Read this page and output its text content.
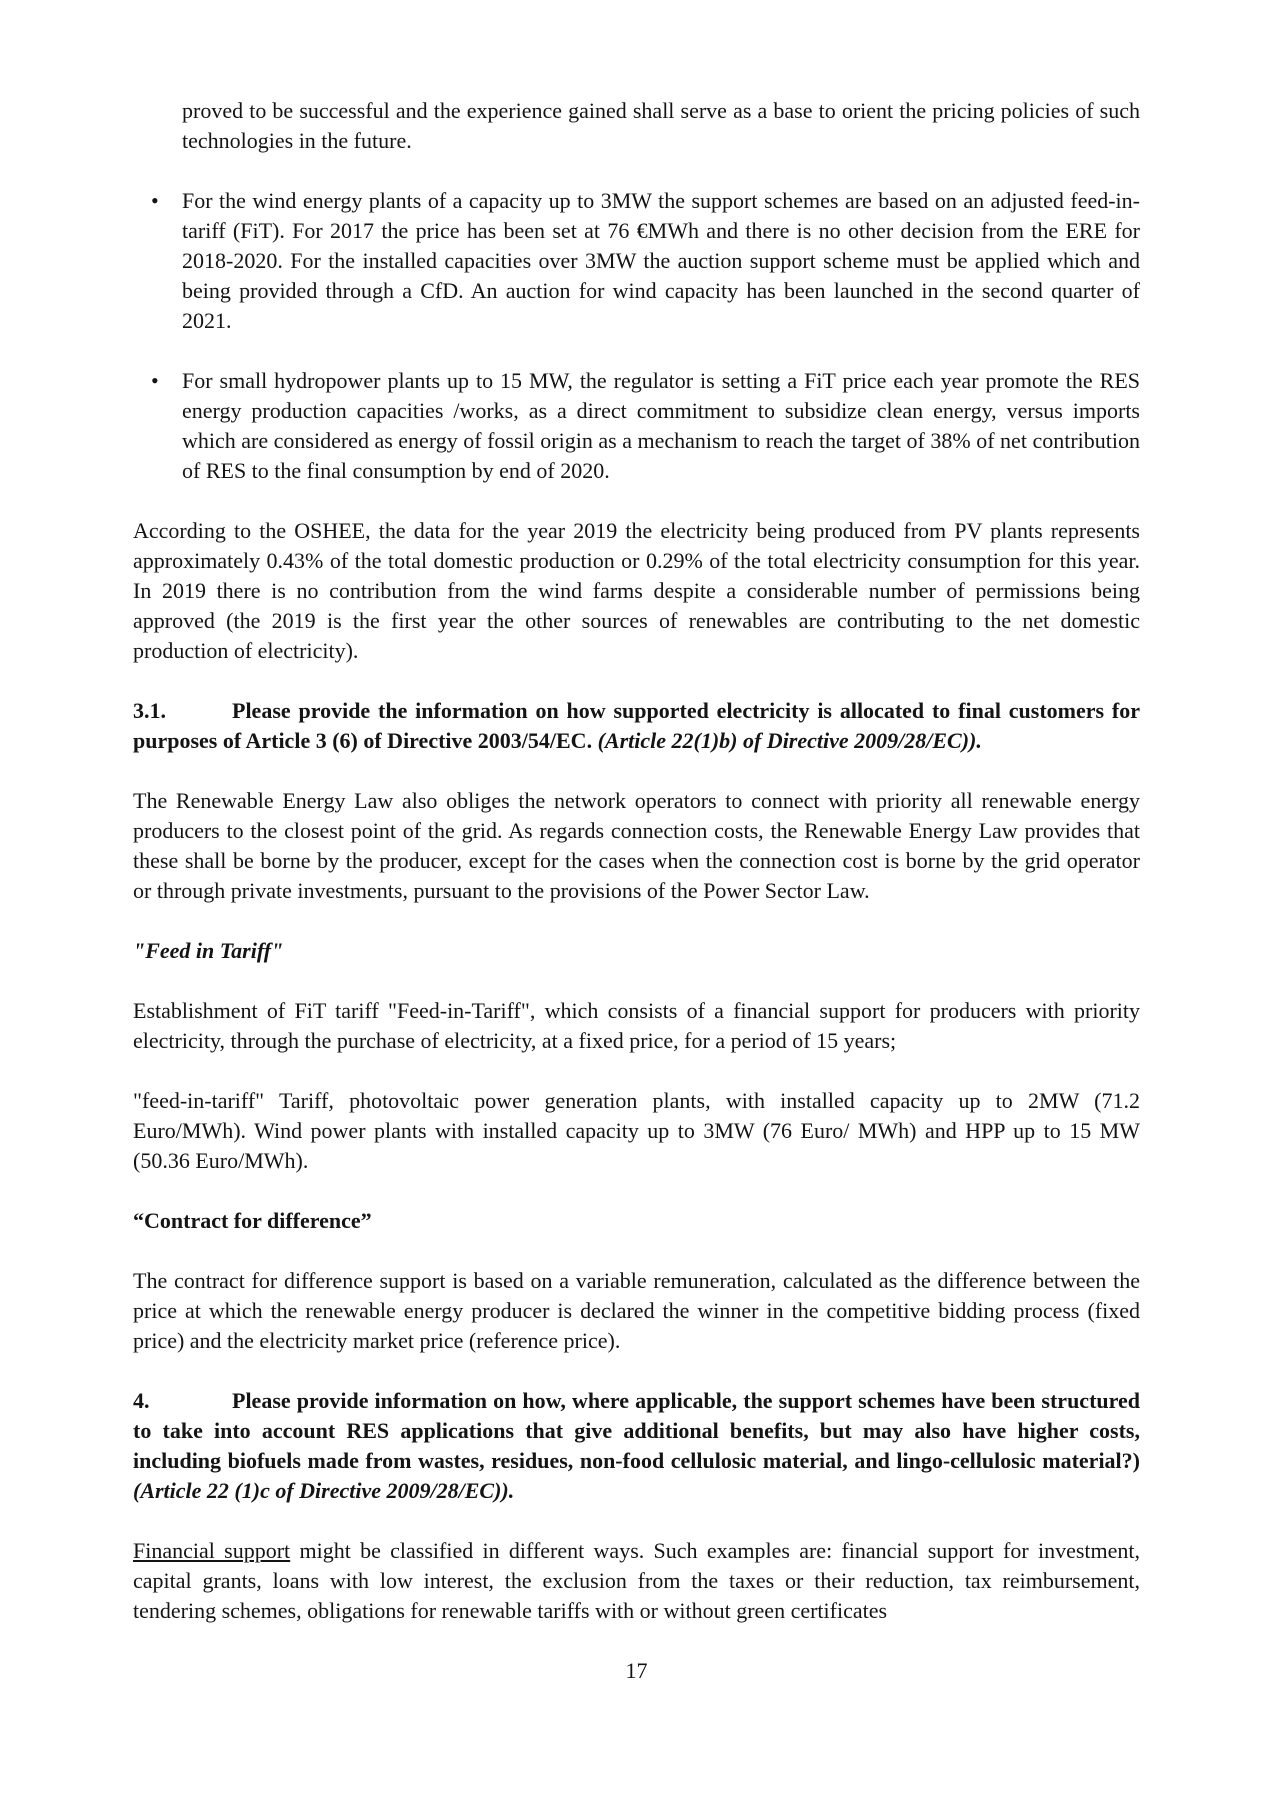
proved to be successful and the experience gained shall serve as a base to orient the pricing policies of such technologies in the future.

• For the wind energy plants of a capacity up to 3MW the support schemes are based on an adjusted feed-in-tariff (FiT). For 2017 the price has been set at 76 €MWh and there is no other decision from the ERE for 2018-2020. For the installed capacities over 3MW the auction support scheme must be applied which and being provided through a CfD. An auction for wind capacity has been launched in the second quarter of 2021.
• For small hydropower plants up to 15 MW, the regulator is setting a FiT price each year promote the RES energy production capacities /works, as a direct commitment to subsidize clean energy, versus imports which are considered as energy of fossil origin as a mechanism to reach the target of 38% of net contribution of RES to the final consumption by end of 2020.

According to the OSHEE, the data for the year 2019 the electricity being produced from PV plants represents approximately 0.43% of the total domestic production or 0.29% of the total electricity consumption for this year. In 2019 there is no contribution from the wind farms despite a considerable number of permissions being approved (the 2019 is the first year the other sources of renewables are contributing to the net domestic production of electricity).

3.1.	Please provide the information on how supported electricity is allocated to final customers for purposes of Article 3 (6) of Directive 2003/54/EC. (Article 22(1)b) of Directive 2009/28/EC)).

The Renewable Energy Law also obliges the network operators to connect with priority all renewable energy producers to the closest point of the grid. As regards connection costs, the Renewable Energy Law provides that these shall be borne by the producer, except for the cases when the connection cost is borne by the grid operator or through private investments, pursuant to the provisions of the Power Sector Law.

"Feed in Tariff"

Establishment of FiT tariff "Feed-in-Tariff", which consists of a financial support for producers with priority electricity, through the purchase of electricity, at a fixed price, for a period of 15 years;

"feed-in-tariff" Tariff, photovoltaic power generation plants, with installed capacity up to 2MW (71.2 Euro/MWh). Wind power plants with installed capacity up to 3MW (76 Euro/ MWh) and HPP up to 15 MW (50.36 Euro/MWh).

“Contract for difference”

The contract for difference support is based on a variable remuneration, calculated as the difference between the price at which the renewable energy producer is declared the winner in the competitive bidding process (fixed price) and the electricity market price (reference price).

4.	Please provide information on how, where applicable, the support schemes have been structured to take into account RES applications that give additional benefits, but may also have higher costs, including biofuels made from wastes, residues, non-food cellulosic material, and lingo-cellulosic material?) (Article 22 (1)c of Directive 2009/28/EC)).

Financial support might be classified in different ways. Such examples are: financial support for investment, capital grants, loans with low interest, the exclusion from the taxes or their reduction, tax reimbursement, tendering schemes, obligations for renewable tariffs with or without green certificates

17
